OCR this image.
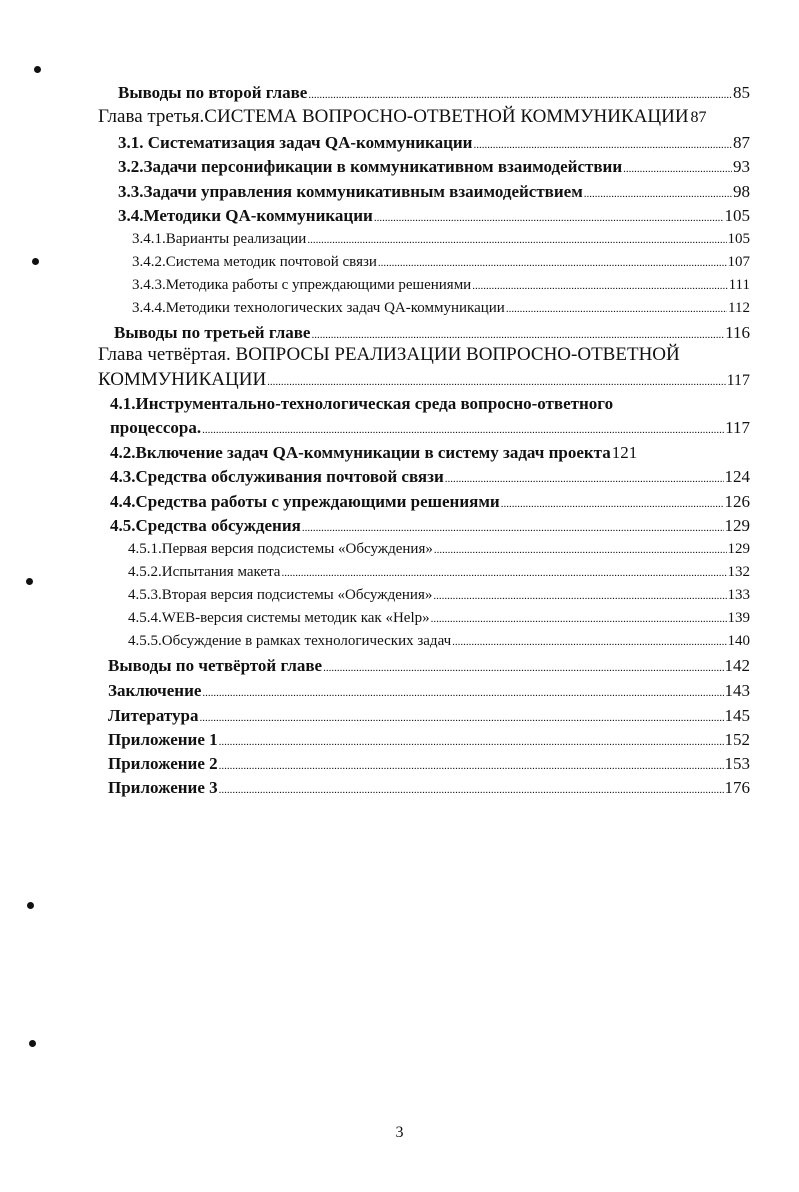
Выводы по второй главе .....	85
Глава третья.СИСТЕМА ВОПРОСНО-ОТВЕТНОЙ КОММУНИКАЦИИ 87
3.1. Систематизация задач QA-коммуникации .....	87
3.2.Задачи персонификации в коммуникативном взаимодействии .....	93
3.3.Задачи управления коммуникативным взаимодействием .....	98
3.4.Методики QA-коммуникации .....	105
3.4.1.Варианты реализации .....	105
3.4.2.Система методик почтовой связи .....	107
3.4.3.Методика работы с упреждающими решениями .....	111
3.4.4.Методики технологических задач QA-коммуникации .....	112
Выводы по третьей главе .....	116
Глава четвёртая. ВОПРОСЫ РЕАЛИЗАЦИИ ВОПРОСНО-ОТВЕТНОЙ
КОММУНИКАЦИИ .....	117
4.1.Инструментально-технологическая среда вопросно-ответного
процессора. .....	117
4.2.Включение задач QA-коммуникации в систему задач проекта 121
4.3.Средства обслуживания почтовой связи .....	124
4.4.Средства работы с упреждающими решениями .....	126
4.5.Средства обсуждения .....	129
4.5.1.Первая версия подсистемы «Обсуждения» .....	129
4.5.2.Испытания макета .....	132
4.5.3.Вторая версия подсистемы «Обсуждения» .....	133
4.5.4.WEB-версия системы методик как «Help» .....	139
4.5.5.Обсуждение в рамках технологических задач .....	140
Выводы по четвёртой главе .....	142
Заключение .....	143
Литература .....	145
Приложение 1 .....	152
Приложение 2 .....	153
Приложение 3 .....	176
3
